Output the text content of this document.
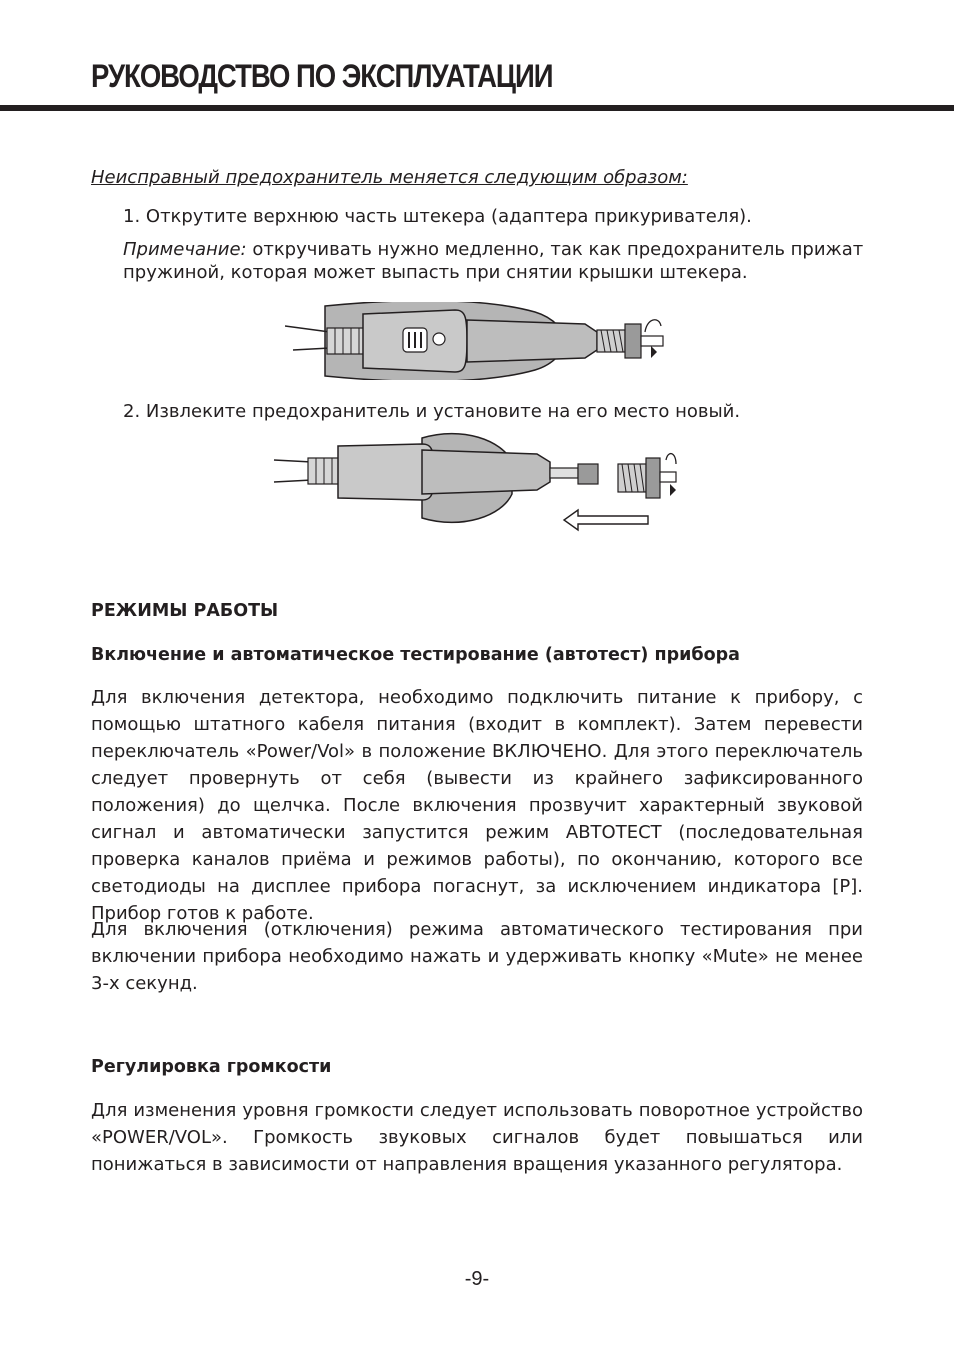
РУКОВОДСТВО ПО ЭКСПЛУАТАЦИИ

Неисправный предохранитель меняется следующим образом:

1. Открутите верхнюю часть штекера (адаптера прикуривателя).

Примечание: откручивать нужно медленно, так как предохранитель прижат пружиной, которая может выпасть при снятии крышки штекера.

2. Извлеките предохранитель и установите на его место новый.

РЕЖИМЫ РАБОТЫ
Включение и автоматическое тестирование (автотест) прибора

Для включения детектора, необходимо подключить питание к прибору, с помощью штатного кабеля питания (входит в комплект). Затем перевести переключатель «Power/Vol» в положение ВКЛЮЧЕНО. Для этого переключатель следует провернуть от себя (вывести из крайнего зафиксированного положения) до щелчка. После включения прозвучит характерный звуковой сигнал и автоматически запустится режим АВТОТЕСТ (последовательная проверка каналов приёма и режимов работы), по окончанию, которого все светодиоды на дисплее прибора погаснут, за исключением индикатора [P]. Прибор готов к работе.

Для включения (отключения) режима автоматического тестирования при включении прибора необходимо нажать и удерживать кнопку «Mute» не менее 3-х секунд.

Регулировка громкости

Для изменения уровня громкости следует использовать поворотное устройство «POWER/VOL». Громкость звуковых сигналов будет повышаться или понижаться в зависимости от направления вращения указанного регулятора.

-9-
